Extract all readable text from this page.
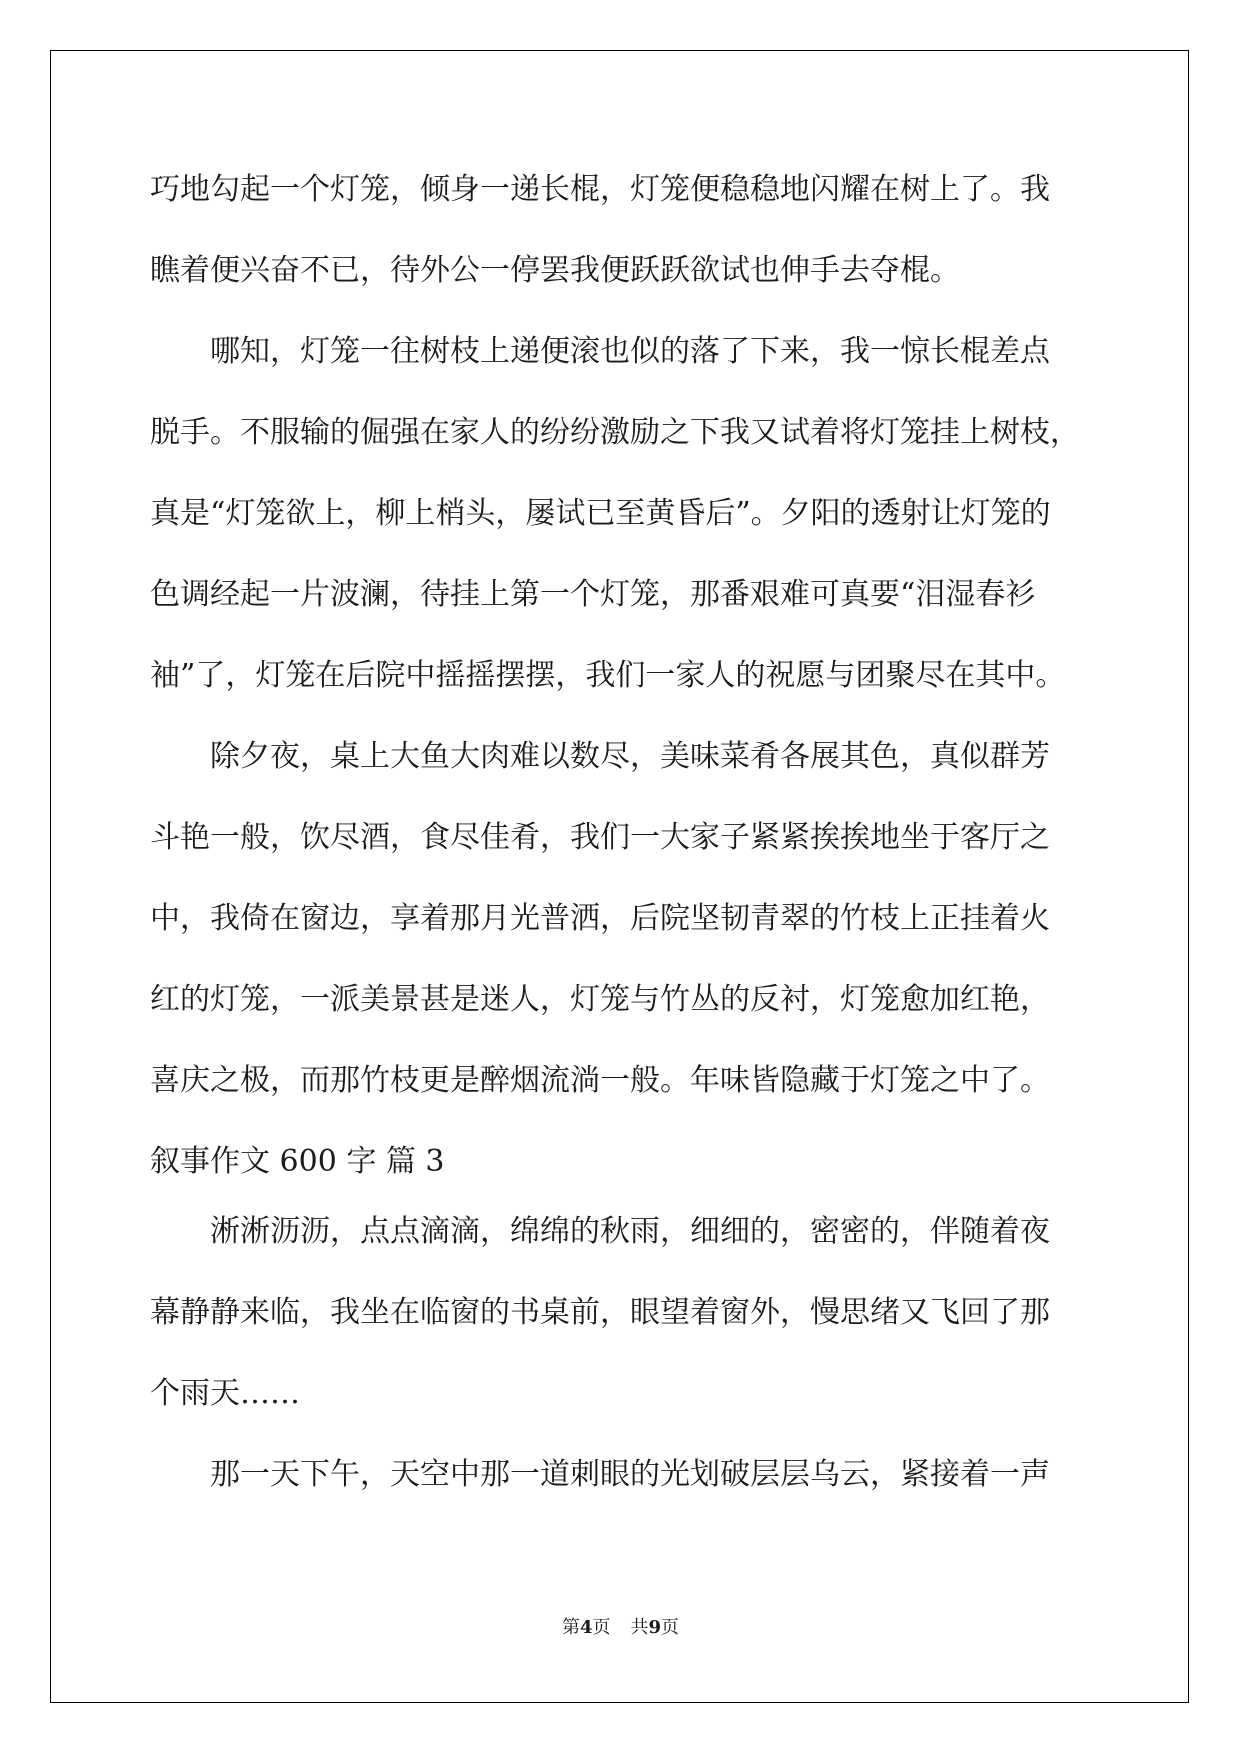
巧地勾起一个灯笼，倾身一递长棍，灯笼便稳稳地闪耀在树上了。我
瞧着便兴奋不已，待外公一停罢我便跃跃欲试也伸手去夺棍。
　　哪知，灯笼一往树枝上递便滚也似的落了下来，我一惊长棍差点
脱手。不服输的倔强在家人的纷纷激励之下我又试着将灯笼挂上树枝，
真是“灯笼欲上，柳上梢头，屡试已至黄昏后”。夕阳的透射让灯笼的
色调经起一片波澜，待挂上第一个灯笼，那番艰难可真要“泪湿春衫
袖”了，灯笼在后院中摇摇摆摆，我们一家人的祝愿与团聚尽在其中。
　　除夕夜，桌上大鱼大肉难以数尽，美味菜肴各展其色，真似群芳
斗艳一般，饮尽酒，食尽佳肴，我们一大家子紧紧挨挨地坐于客厅之
中，我倚在窗边，享着那月光普洒，后院坚韧青翠的竹枝上正挂着火
红的灯笼，一派美景甚是迷人，灯笼与竹丛的反衬，灯笼愈加红艳，
喜庆之极，而那竹枝更是醉烟流淌一般。年味皆隐藏于灯笼之中了。
叙事作文 600 字 篇 3
　　淅淅沥沥，点点滴滴，绵绵的秋雨，细细的，密密的，伴随着夜
幕静静来临，我坐在临窗的书桌前，眼望着窗外，慢思绪又飞回了那
个雨天……
　　那一天下午，天空中那一道刺眼的光划破层层乌云，紧接着一声
第4页 共9页
